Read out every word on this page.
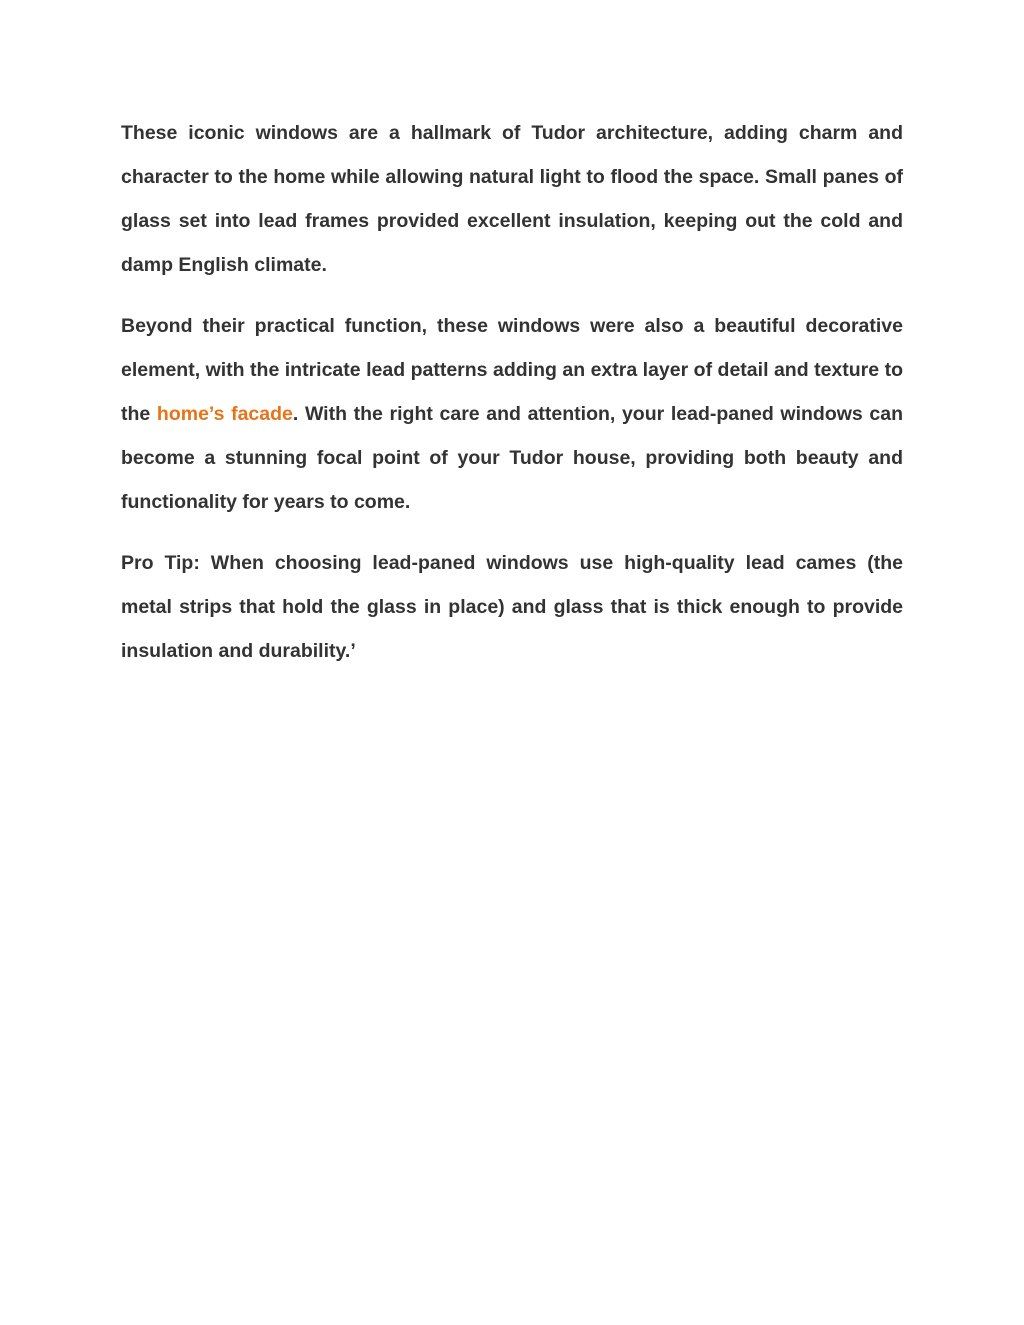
These iconic windows are a hallmark of Tudor architecture, adding charm and character to the home while allowing natural light to flood the space. Small panes of glass set into lead frames provided excellent insulation, keeping out the cold and damp English climate.

Beyond their practical function, these windows were also a beautiful decorative element, with the intricate lead patterns adding an extra layer of detail and texture to the home’s facade. With the right care and attention, your lead-paned windows can become a stunning focal point of your Tudor house, providing both beauty and functionality for years to come.

Pro Tip: When choosing lead-paned windows use high-quality lead cames (the metal strips that hold the glass in place) and glass that is thick enough to provide insulation and durability.’
